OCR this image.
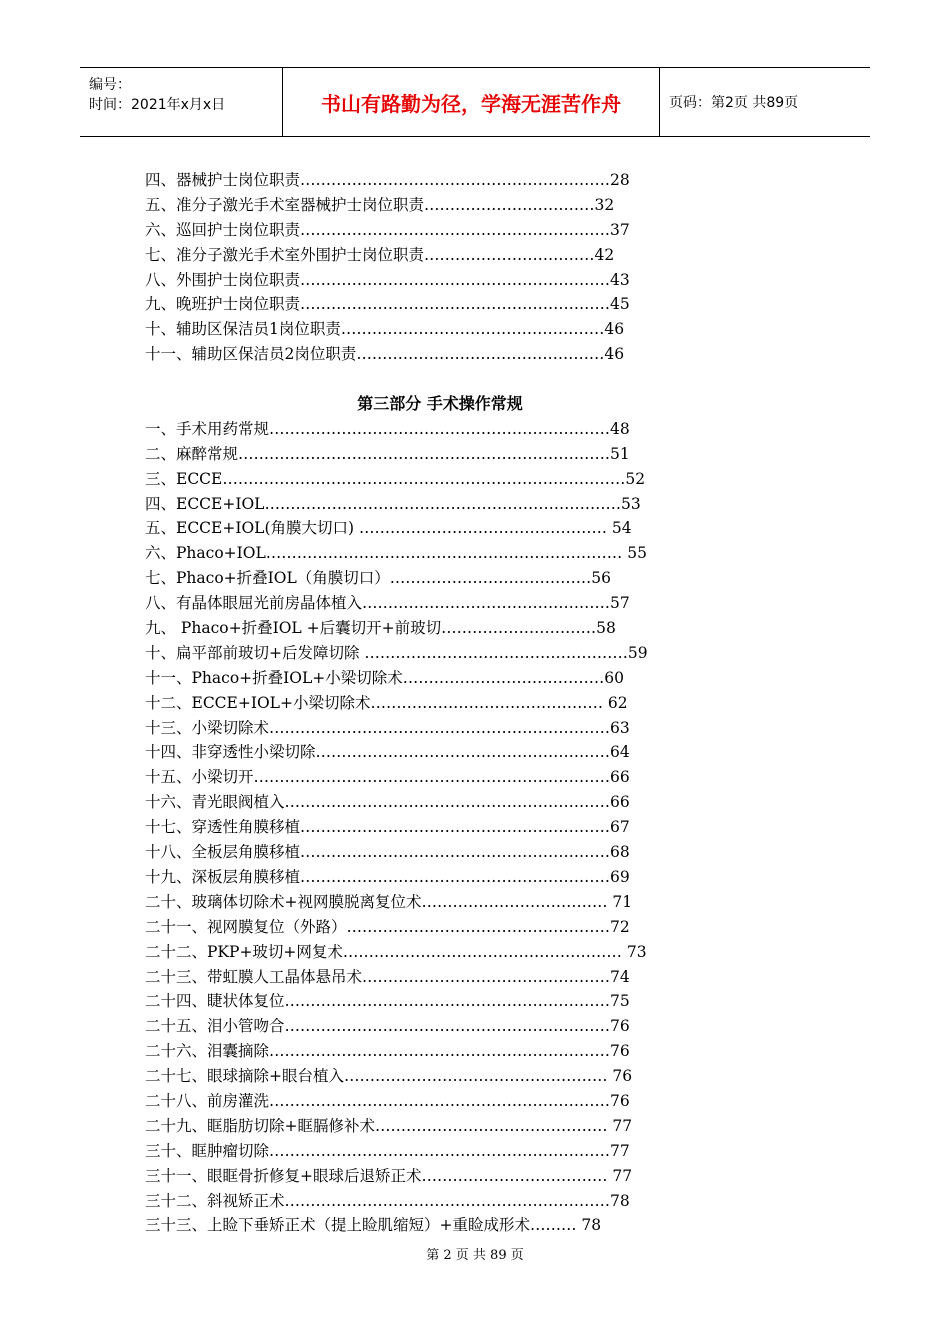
编号：
时间：2021年x月x日	书山有路勤为径，学海无涯苦作舟	页码：第2页 共89页
四、器械护士岗位职责……………………………………………………28
五、准分子激光手术室器械护士岗位职责……………………………32
六、巡回护士岗位职责……………………………………………………37
七、准分子激光手术室外围护士岗位职责……………………………42
八、外围护士岗位职责……………………………………………………43
九、晚班护士岗位职责……………………………………………………45
十、辅助区保洁员1岗位职责……………………………………………46
十一、辅助区保洁员2岗位职责…………………………………………46
第三部分 手术操作常规
一、手术用药常规…………………………………………………………48
二、麻醉常规………………………………………………………………51
三、ECCE……………………………………………………………………52
四、ECCE+IOL……………………………………………………………53
五、ECCE+IOL(角膜大切口) ………………………………………… 54
六、Phaco+IOL…………………………………………………………… 55
七、Phaco+折叠IOL（角膜切口）…………………………………56
八、有晶体眼屈光前房晶体植入…………………………………………57
九、 Phaco+折叠IOL +后囊切开+前玻切…………………………58
十、扁平部前玻切+后发障切除 ……………………………………………59
十一、Phaco+折叠IOL+小梁切除术…………………………………60
十二、ECCE+IOL+小梁切除术……………………………………… 62
十三、小梁切除术…………………………………………………………63
十四、非穿透性小梁切除…………………………………………………64
十五、小梁切开……………………………………………………………66
十六、青光眼阀植入………………………………………………………66
十七、穿透性角膜移植……………………………………………………67
十八、全板层角膜移植……………………………………………………68
十九、深板层角膜移植……………………………………………………69
二十、玻璃体切除术+视网膜脱离复位术……………………………… 71
二十一、视网膜复位（外路）……………………………………………72
二十二、PKP+玻切+网复术……………………………………………… 73
二十三、带虹膜人工晶体悬吊术…………………………………………74
二十四、睫状体复位………………………………………………………75
二十五、泪小管吻合………………………………………………………76
二十六、泪囊摘除…………………………………………………………76
二十七、眼球摘除+眼台植入…………………………………………… 76
二十八、前房灌洗…………………………………………………………76
二十九、眶脂肪切除+眶膈修补术……………………………………… 77
三十、眶肿瘤切除…………………………………………………………77
三十一、眼眶骨折修复+眼球后退矫正术……………………………… 77
三十二、斜视矫正术………………………………………………………78
三十三、上睑下垂矫正术（提上睑肌缩短）+重睑成形术……… 78
第 2 页 共 89 页
